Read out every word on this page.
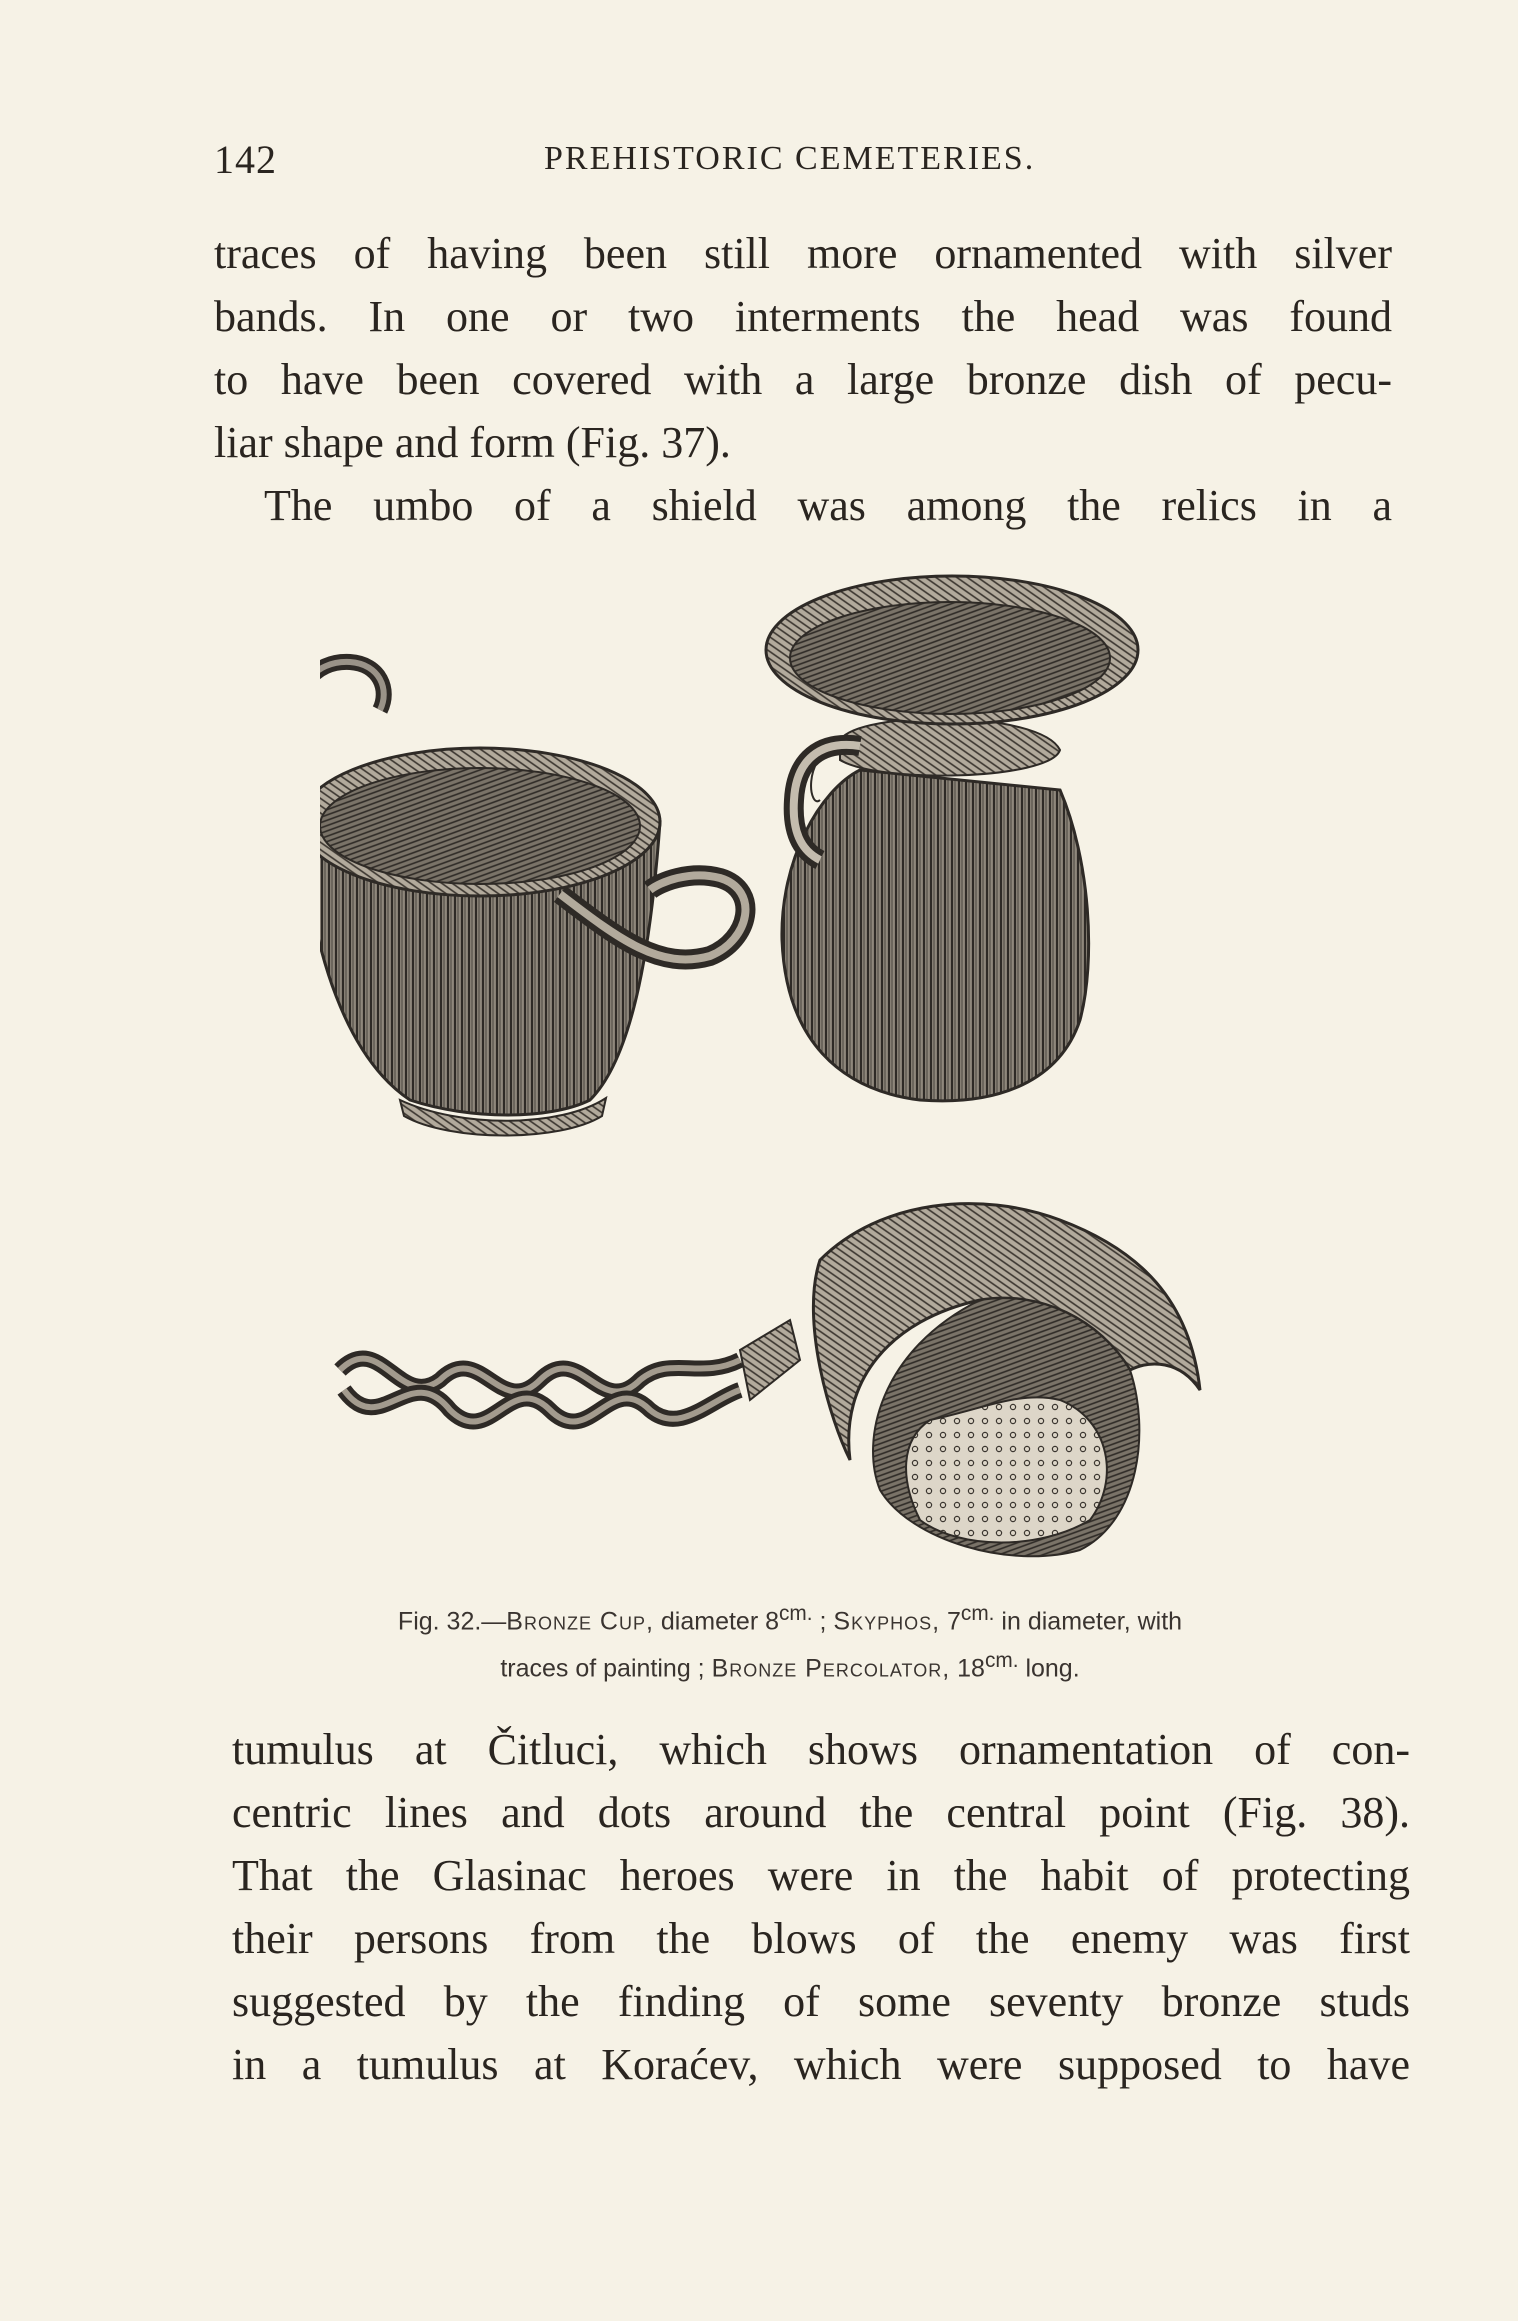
142	PREHISTORIC CEMETERIES.
traces of having been still more ornamented with silver
bands. In one or two interments the head was found
to have been covered with a large bronze dish of pecu-
liar shape and form (Fig. 37).
The umbo of a shield was among the relics in a
Fig. 32.—Bronze Cup, diameter $8^{cm.}$ ; Skyphos, $7^{cm.}$ in diameter, with
traces of painting ; Bronze Percolator, $18^{cm.}$ long.
tumulus at Čitluci, which shows ornamentation of con-
centric lines and dots around the central point (Fig. 38).
That the Glasinac heroes were in the habit of protecting
their persons from the blows of the enemy was first
suggested by the finding of some seventy bronze studs
in a tumulus at Koraćev, which were supposed to have
